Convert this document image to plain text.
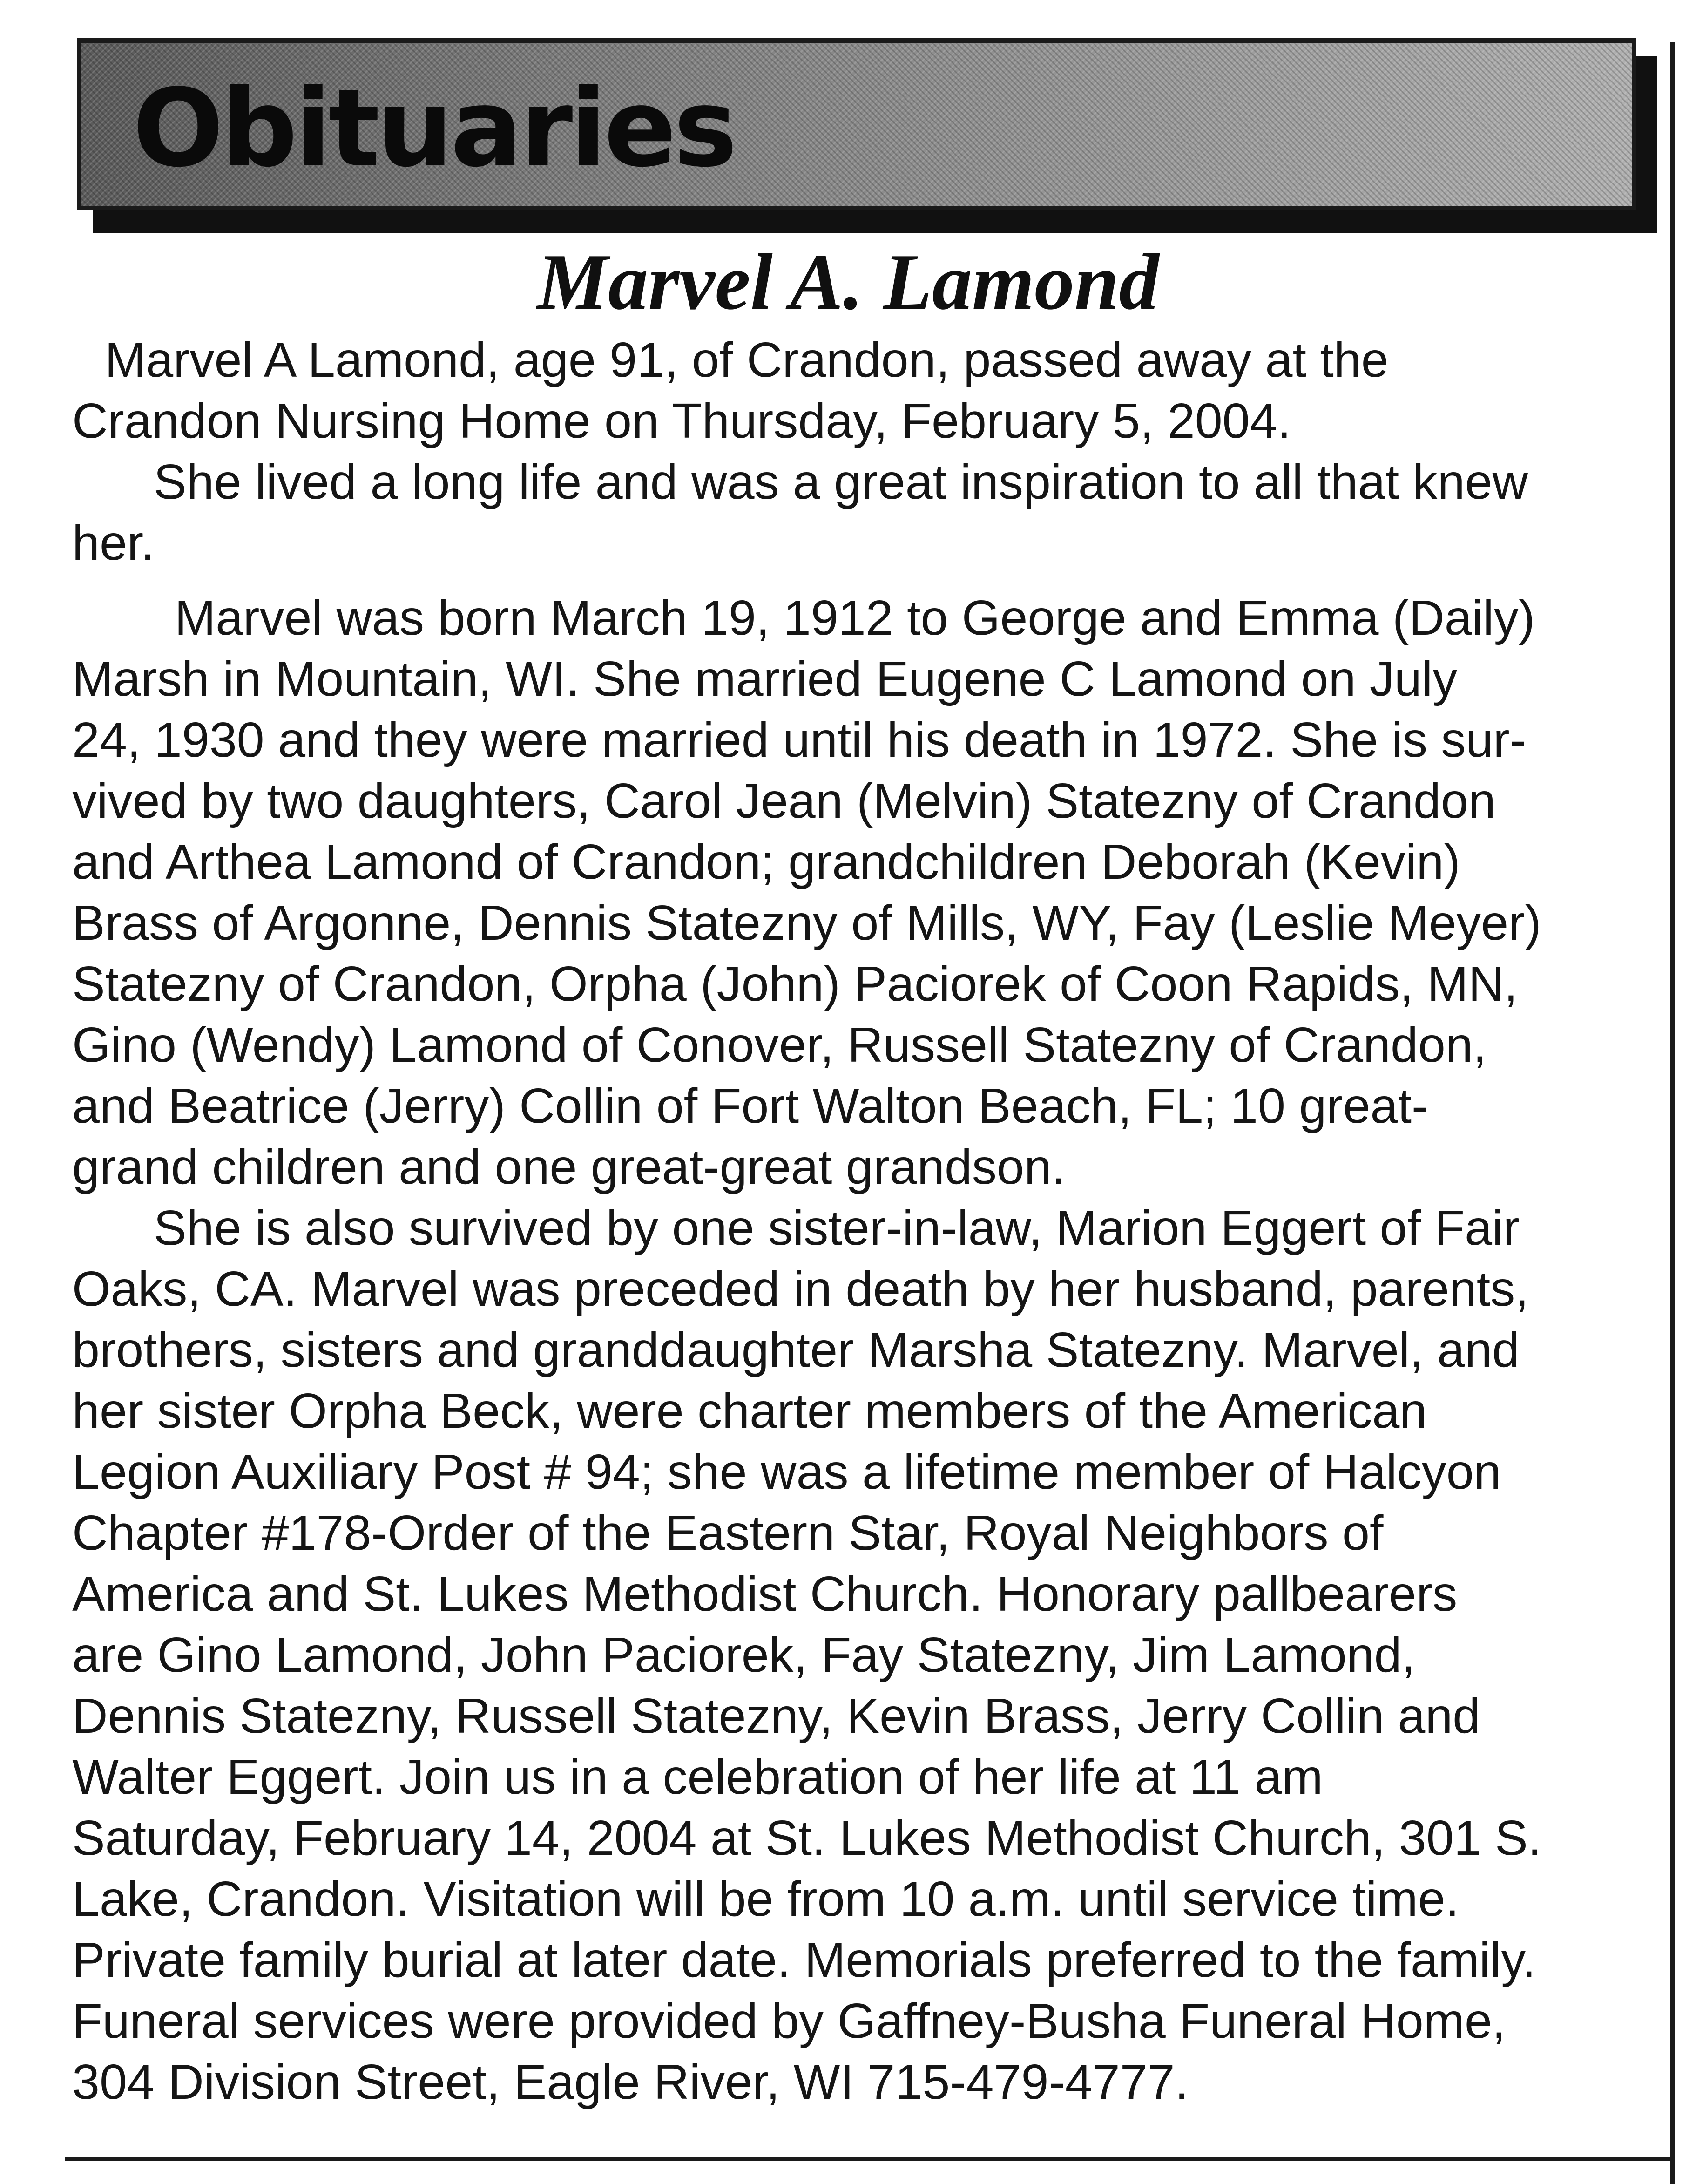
Obituaries
Marvel A. Lamond
Marvel A Lamond, age 91, of Crandon, passed away at the
Crandon Nursing Home on Thursday, February 5, 2004.
She lived a long life and was a great inspiration to all that knew
her.
Marvel was born March 19, 1912 to George and Emma (Daily)
Marsh in Mountain, WI. She married Eugene C Lamond on July
24, 1930 and they were married until his death in 1972. She is sur-
vived by two daughters, Carol Jean (Melvin) Statezny of Crandon
and Arthea Lamond of Crandon; grandchildren Deborah (Kevin)
Brass of Argonne, Dennis Statezny of Mills, WY, Fay (Leslie Meyer)
Statezny of Crandon, Orpha (John) Paciorek of Coon Rapids, MN,
Gino (Wendy) Lamond of Conover, Russell Statezny of Crandon,
and Beatrice (Jerry) Collin of Fort Walton Beach, FL; 10 great-
grand children and one great-great grandson.
She is also survived by one sister-in-law, Marion Eggert of Fair
Oaks, CA. Marvel was preceded in death by her husband, parents,
brothers, sisters and granddaughter Marsha Statezny. Marvel, and
her sister Orpha Beck, were charter members of the American
Legion Auxiliary Post # 94; she was a lifetime member of Halcyon
Chapter #178-Order of the Eastern Star, Royal Neighbors of
America and St. Lukes Methodist Church. Honorary pallbearers
are Gino Lamond, John Paciorek, Fay Statezny, Jim Lamond,
Dennis Statezny, Russell Statezny, Kevin Brass, Jerry Collin and
Walter Eggert. Join us in a celebration of her life at 11 am
Saturday, February 14, 2004 at St. Lukes Methodist Church, 301 S.
Lake, Crandon. Visitation will be from 10 a.m. until service time.
Private family burial at later date. Memorials preferred to the family.
Funeral services were provided by Gaffney-Busha Funeral Home,
304 Division Street, Eagle River, WI 715-479-4777.
